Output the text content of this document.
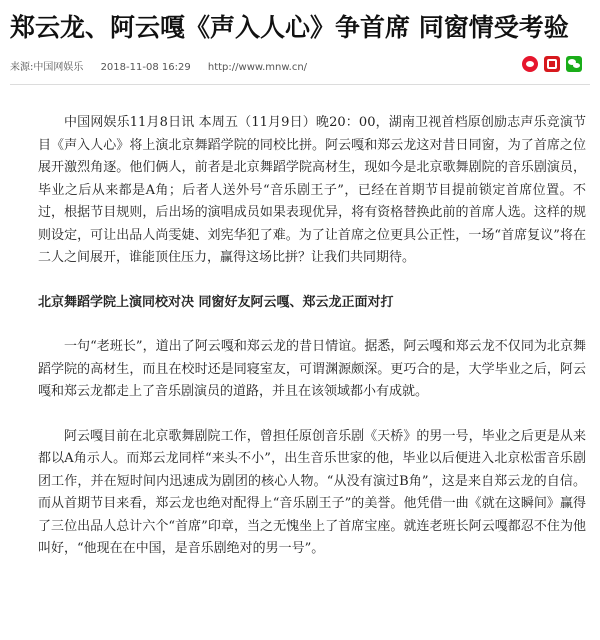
郑云龙、阿云嘎《声入人心》争首席 同窗情受考验
来源:中国网娱乐 2018-11-08 16:29 http://www.mnw.cn/

中国网娱乐11月8日讯 本周五（11月9日）晚20：00，湖南卫视首档原创励志声乐竞演节目《声入人心》将上演北京舞蹈学院的同校比拼。阿云嘎和郑云龙这对昔日同窗，为了首席之位展开激烈角逐。他们俩人，前者是北京舞蹈学院高材生，现如今是北京歌舞剧院的音乐剧演员，毕业之后从来都是A角；后者人送外号“音乐剧王子”，已经在首期节目提前锁定首席位置。不过，根据节目规则，后出场的演唱成员如果表现优异，将有资格替换此前的首席人选。这样的规则设定，可让出品人尚雯婕、刘宪华犯了难。为了让首席之位更具公正性，一场“首席复议”将在二人之间展开，谁能顶住压力，赢得这场比拼？让我们共同期待。

北京舞蹈学院上演同校对决 同窗好友阿云嘎、郑云龙正面对打

一句“老班长”，道出了阿云嘎和郑云龙的昔日情谊。据悉，阿云嘎和郑云龙不仅同为北京舞蹈学院的高材生，而且在校时还是同寝室友，可谓渊源颇深。更巧合的是，大学毕业之后，阿云嘎和郑云龙都走上了音乐剧演员的道路，并且在该领域都小有成就。

阿云嘎目前在北京歌舞剧院工作，曾担任原创音乐剧《天桥》的男一号，毕业之后更是从来都以A角示人。而郑云龙同样“来头不小”，出生音乐世家的他，毕业以后便进入北京松雷音乐剧团工作，并在短时间内迅速成为剧团的核心人物。“从没有演过B角”，这是来自郑云龙的自信。而从首期节目来看，郑云龙也绝对配得上“音乐剧王子”的美誉。他凭借一曲《就在这瞬间》赢得了三位出品人总计六个“首席”印章，当之无愧坐上了首席宝座。就连老班长阿云嘎都忍不住为他叫好，“他现在在中国，是音乐剧绝对的男一号”。
